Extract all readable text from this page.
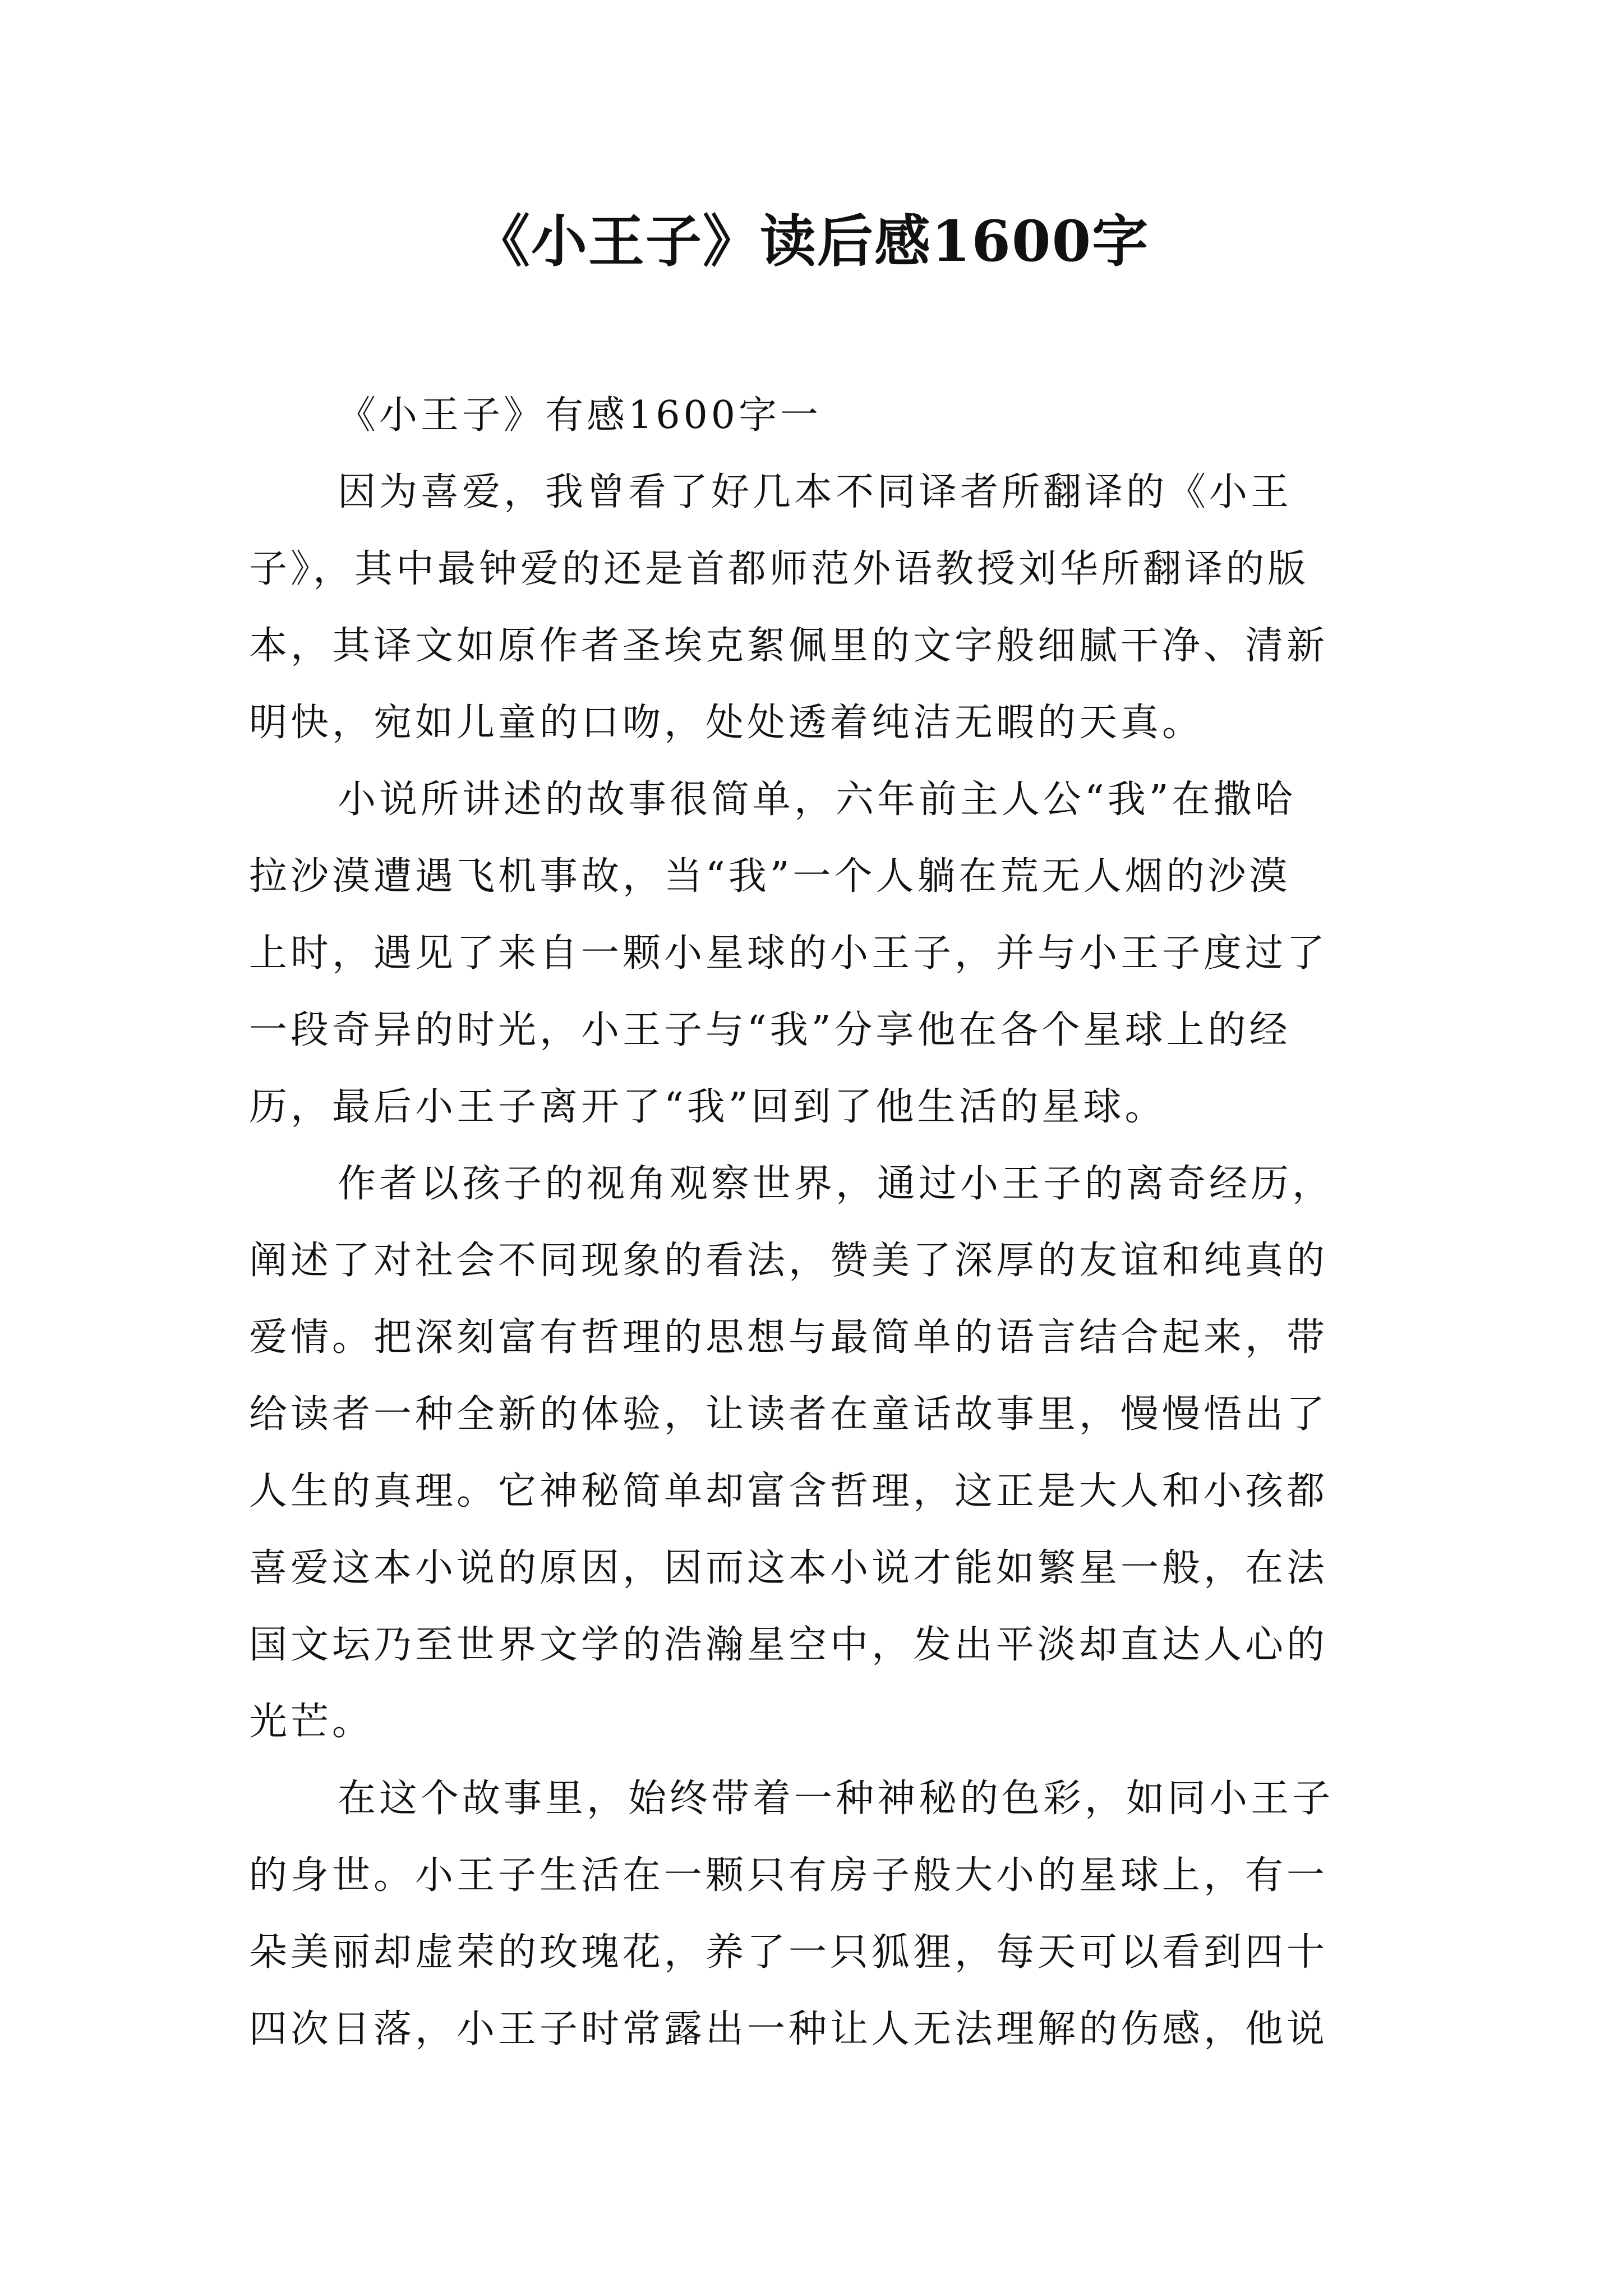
《小王子》读后感1600字
《小王子》有感1600字一
因为喜爱，我曾看了好几本不同译者所翻译的《小王
子》，其中最钟爱的还是首都师范外语教授刘华所翻译的版
本，其译文如原作者圣埃克絮佩里的文字般细腻干净、清新
明快，宛如儿童的口吻，处处透着纯洁无暇的天真。
小说所讲述的故事很简单，六年前主人公“我”在撒哈
拉沙漠遭遇飞机事故，当“我”一个人躺在荒无人烟的沙漠
上时，遇见了来自一颗小星球的小王子，并与小王子度过了
一段奇异的时光，小王子与“我”分享他在各个星球上的经
历，最后小王子离开了“我”回到了他生活的星球。
作者以孩子的视角观察世界，通过小王子的离奇经历，
阐述了对社会不同现象的看法，赞美了深厚的友谊和纯真的
爱情。把深刻富有哲理的思想与最简单的语言结合起来，带
给读者一种全新的体验，让读者在童话故事里，慢慢悟出了
人生的真理。它神秘简单却富含哲理，这正是大人和小孩都
喜爱这本小说的原因，因而这本小说才能如繁星一般，在法
国文坛乃至世界文学的浩瀚星空中，发出平淡却直达人心的
光芒。
在这个故事里，始终带着一种神秘的色彩，如同小王子
的身世。小王子生活在一颗只有房子般大小的星球上，有一
朵美丽却虚荣的玫瑰花，养了一只狐狸，每天可以看到四十
四次日落，小王子时常露出一种让人无法理解的伤感，他说
